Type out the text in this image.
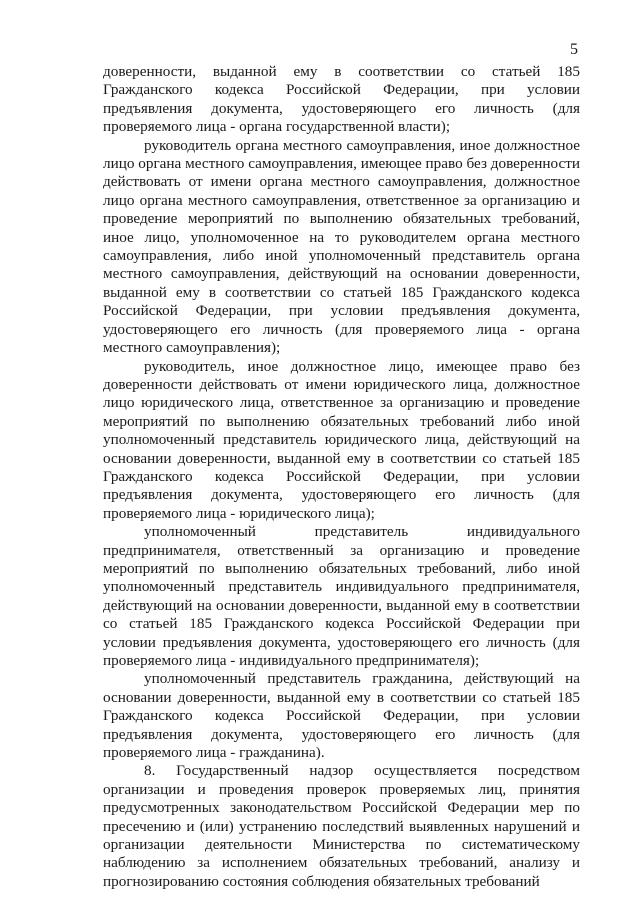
5

доверенности, выданной ему в соответствии со статьей 185 Гражданского кодекса Российской Федерации, при условии предъявления документа, удостоверяющего его личность (для проверяемого лица - органа государственной власти);

руководитель органа местного самоуправления, иное должностное лицо органа местного самоуправления, имеющее право без доверенности действовать от имени органа местного самоуправления, должностное лицо органа местного самоуправления, ответственное за организацию и проведение мероприятий по выполнению обязательных требований, иное лицо, уполномоченное на то руководителем органа местного самоуправления, либо иной уполномоченный представитель органа местного самоуправления, действующий на основании доверенности, выданной ему в соответствии со статьей 185 Гражданского кодекса Российской Федерации, при условии предъявления документа, удостоверяющего его личность (для проверяемого лица - органа местного самоуправления);

руководитель, иное должностное лицо, имеющее право без доверенности действовать от имени юридического лица, должностное лицо юридического лица, ответственное за организацию и проведение мероприятий по выполнению обязательных требований либо иной уполномоченный представитель юридического лица, действующий на основании доверенности, выданной ему в соответствии со статьей 185 Гражданского кодекса Российской Федерации, при условии предъявления документа, удостоверяющего его личность (для проверяемого лица - юридического лица);

уполномоченный представитель индивидуального предпринимателя, ответственный за организацию и проведение мероприятий по выполнению обязательных требований, либо иной уполномоченный представитель индивидуального предпринимателя, действующий на основании доверенности, выданной ему в соответствии со статьей 185 Гражданского кодекса Российской Федерации при условии предъявления документа, удостоверяющего его личность (для проверяемого лица - индивидуального предпринимателя);

уполномоченный представитель гражданина, действующий на основании доверенности, выданной ему в соответствии со статьей 185 Гражданского кодекса Российской Федерации, при условии предъявления документа, удостоверяющего его личность (для проверяемого лица - гражданина).

8. Государственный надзор осуществляется посредством организации и проведения проверок проверяемых лиц, принятия предусмотренных законодательством Российской Федерации мер по пресечению и (или) устранению последствий выявленных нарушений и организации деятельности Министерства по систематическому наблюдению за исполнением обязательных требований, анализу и прогнозированию состояния соблюдения обязательных требований
